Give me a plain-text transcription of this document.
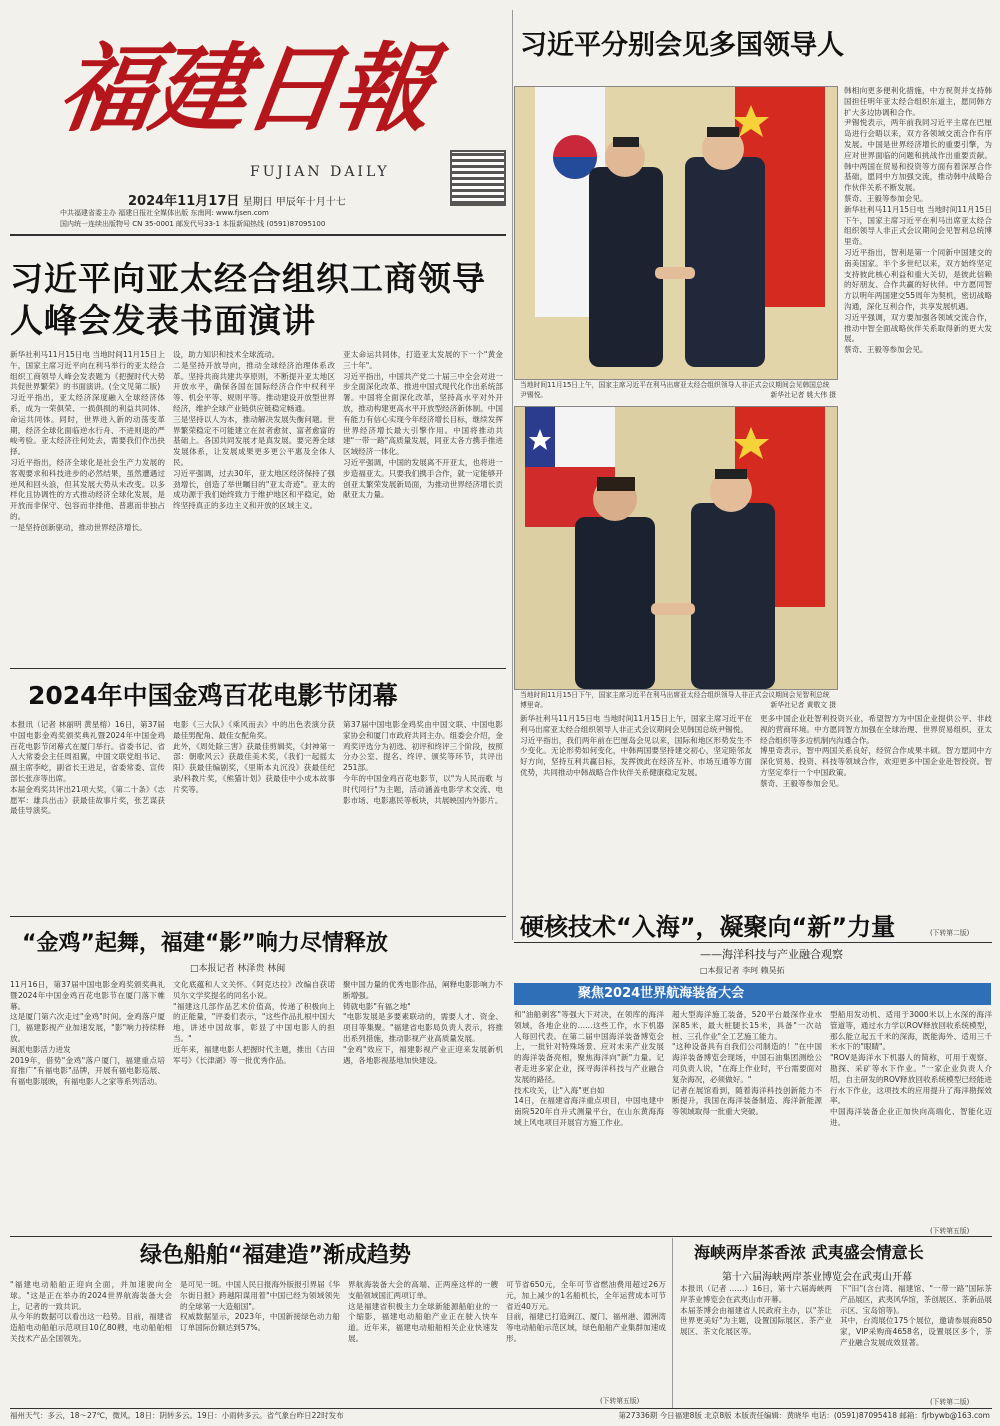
福建日報
FUJIAN DAILY
2024年11月17日 星期日 甲辰年十月十七
中共福建省委主办 福建日报社全媒体出版 东南网: www.fjsen.com
国内统一连续出版物号 CN 35-0001 邮发代号33-1 本报新闻热线 (0591)87095100
习近平向亚太经合组织工商领导人峰会发表书面演讲
新华社利马11月15日电 当地时间11月15日上午，国家主席习近平向在利马举行的亚太经合组织工商领导人峰会发表题为《把握时代大势 共促世界繁荣》的书面演讲。(全文见第二版)
习近平指出，亚太经济深度融入全球经济体系，成为一荣俱荣、一损俱损的利益共同体、命运共同体。同时，世界进入新的动荡变革期，经济全球化面临逆水行舟、不进则退的严峻考验。亚太经济往何处去，需要我们作出抉择。
习近平指出，经济全球化是社会生产力发展的客观要求和科技进步的必然结果，虽然遭遇过逆风和回头浪，但其发展大势从未改变。以多样化且协调性的方式推动经济全球化发展，是开放而非保守、包容而非排他、普惠而非独占的。
一是坚持创新驱动，推动世界经济增长。
设，助力知识和技术全球流动。
二是坚持开放导向，推动全球经济治理体系改革。坚持共商共建共享原则，不断提升亚太地区开放水平，确保各国在国际经济合作中权利平等、机会平等、规则平等。推动建设开放型世界经济，维护全球产业链供应链稳定畅通。
三是坚持以人为本，推动解决发展失衡问题。世界繁荣稳定不可能建立在贫者愈贫、富者愈富的基础上。各国共同发展才是真发展。要完善全球发展体系，让发展成果更多更公平惠及全体人民。
习近平强调，过去30年，亚太地区经济保持了强劲增长，创造了举世瞩目的"亚太奇迹"。亚太的成功源于我们始终致力于维护地区和平稳定，始终坚持真正的多边主义和开放的区域主义。
亚太命运共同体，打造亚太发展的下一个"黄金三十年"。
习近平指出，中国共产党二十届三中全会对进一步全面深化改革、推进中国式现代化作出系统部署。中国将全面深化改革，坚持高水平对外开放，推动构建更高水平开放型经济新体制。中国有能力有信心实现今年经济增长目标，继续发挥世界经济增长最大引擎作用。中国将推动共建"一带一路"高质量发展，同亚太各方携手推进区域经济一体化。
习近平强调，中国的发展离不开亚太，也将进一步造福亚太。只要我们携手合作，就一定能够开创亚太繁荣发展新局面，为推动世界经济增长贡献亚太力量。
习近平分别会见多国领导人
当地时间11月15日上午，国家主席习近平在利马出席亚太经合组织领导人非正式会议期间会见韩国总统尹锡悦。	新华社记者 姚大伟 摄
当地时间11月15日下午，国家主席习近平在利马出席亚太经合组织领导人非正式会议期间会见智利总统博里奇。	新华社记者 黄敬文 摄
韩相向更多便利化措施，中方祝贺并支持韩国担任明年亚太经合组织东道主，愿同韩方扩大多边协调和合作。
尹锡悦表示，两年前我同习近平主席在巴厘岛进行会晤以来，双方各领域交流合作有序发展。中国是世界经济增长的重要引擎，为应对世界面临的问题和挑战作出重要贡献。韩中两国在贸易和投资等方面有着深厚合作基础，愿同中方加强交流，推动韩中战略合作伙伴关系不断发展。
蔡奇、王毅等参加会见。
新华社利马11月15日电 当地时间11月15日下午，国家主席习近平在利马出席亚太经合组织领导人非正式会议期间会见智利总统博里奇。
习近平指出，智利是第一个同新中国建交的南美国家。半个多世纪以来，双方始终坚定支持彼此核心利益和重大关切，是彼此信赖的好朋友、合作共赢的好伙伴。中方愿同智方以明年两国建交55周年为契机，密切战略沟通，深化互利合作，共享发展机遇。
习近平强调，双方要加强各领域交流合作，推动中智全面战略伙伴关系取得新的更大发展。
蔡奇、王毅等参加会见。
新华社利马11月15日电 当地时间11月15日上午，国家主席习近平在利马出席亚太经合组织领导人非正式会议期间会见韩国总统尹锡悦。
习近平指出，我们两年前在巴厘岛会见以来，国际和地区形势发生不少变化。无论形势如何变化，中韩两国要坚持建交初心，坚定睦邻友好方向，坚持互利共赢目标，发挥彼此在经济互补、市场互通等方面优势，共同推动中韩战略合作伙伴关系健康稳定发展。
更多中国企业赴智利投资兴业，希望智方为中国企业提供公平、非歧视的营商环境。中方愿同智方加强在全球治理、世界贸易组织、亚太经合组织等多边机制内沟通合作。
博里奇表示，智中两国关系良好，经贸合作成果丰硕。智方愿同中方深化贸易、投资、科技等领域合作，欢迎更多中国企业赴智投资。智方坚定奉行一个中国政策。
蔡奇、王毅等参加会见。
(下转第二版)
2024年中国金鸡百花电影节闭幕
本报讯（记者 林丽明 黄星榕）16日，第37届中国电影金鸡奖颁奖典礼暨2024年中国金鸡百花电影节闭幕式在厦门举行。省委书记、省人大常委会主任周祖翼，中国文联党组书记、副主席李屹，副省长王进足，省委常委、宣传部长张彦等出席。
本届金鸡奖共评出21项大奖，《第二十条》《志愿军：雄兵出击》获最佳故事片奖，张艺谋获最佳导演奖。
电影《三大队》《乘风而去》中的出色表演分获最佳男配角、最佳女配角奖。
此外，《周处除三害》获最佳剪辑奖，《封神第一部：朝歌风云》获最佳美术奖，《我们一起摇太阳》获最佳编剧奖，《里斯本丸沉没》获最佳纪录/科教片奖，《熊猫计划》获最佳中小成本故事片奖等。
第37届中国电影金鸡奖由中国文联、中国电影家协会和厦门市政府共同主办。组委会介绍，金鸡奖评选分为初选、初评和终评三个阶段，按照分办公室、提名、终评、颁奖等环节，共评出251部。
今年的中国金鸡百花电影节，以"为人民而歌 与时代同行"为主题，活动涵盖电影学术交流、电影市场、电影惠民等板块，共展映国内外影片。
“金鸡”起舞，福建“影”响力尽情释放
□本报记者 林泽贵 林闽
11月16日，第37届中国电影金鸡奖颁奖典礼暨2024年中国金鸡百花电影节在厦门落下帷幕。
这是厦门第六次走过"金鸡"时间。金鸡落户厦门，福建影视产业加速发展，"影"响力持续释放。
闽派电影活力迸发
2019年，借势"金鸡"落户厦门，福建重点培育推广"有福电影"品牌，开展有福电影巡展、有福电影展映，有福电影人之家等系列活动。
文化底蕴和人文关怀。《阿克达拉》改编自获诺贝尔文学奖提名的同名小说。
"福建这几部作品艺术价值高，传递了积极向上的正能量，"评委们表示，"这些作品扎根中国大地，讲述中国故事，彰显了中国电影人的担当。"
近年来，福建电影人把握时代主题，推出《古田军号》《长津湖》等一批优秀作品。
聚中国力量的优秀电影作品，阐释电影影响力不断增强。
铸就电影"有福之地"
"电影发展是多要素联动的，需要人才、资金、项目等集聚。"福建省电影局负责人表示，将推出系列措施，推动影视产业高质量发展。
"金鸡"效应下，福建影视产业正迎来发展新机遇，各地影视基地加快建设。
硬核技术“入海”，凝聚向“新”力量
——海洋科技与产业融合观察
□本报记者 李珂 赖昊拓
聚焦2024世界航海装备大会
和"油船刺客"等强大下对决，在领库的海洋领域，各地企业的……这些工作，水下机器人每回代表。在第二届中国海洋装备博览会上，一批针对特殊场景、应对未来产业发展的海洋装备亮相，聚焦海洋向"新"力量。记者走进多家企业，探寻海洋科技与产业融合发展的路径。
技术攻关，让"入海"更自如
14日，在福建省海洋重点项目，中国电建中南院520年自升式测量平台，在山东黄海海域上风电项目开展官方施工作业。
超大型海洋施工装备，520平台最深作业水深85米，最大桩腿长15米，具备"一次站桩、三孔作业"全工艺施工能力。
"这种设备具有自我们公司制造的！"在中国海洋装备博览会现场，中国石油集团测绘公司负责人说，"在海上作业时，平台需要面对复杂海况，必须做好。"
记者在展馆看到，随着海洋科技创新能力不断提升，我国在海洋装备制造、海洋新能源等领域取得一批重大突破。
型船用发动机、适用于3000米以上水深的海洋管道等，通过水力学以ROV释放回收系统模型，那么能立起五千米的深海，既能海外、适用三千米水下的"眼睛"。
"ROV是海洋水下机器人的简称，可用于观察、勘探、采矿等水下作业。"一家企业负责人介绍，自主研发的ROV释放回收系统模型已经能进行水下作业，这项技术的应用提升了海洋勘探效率。
中国海洋装备企业正加快向高端化、智能化迈进。
(下转第五版)
绿色船舶“福建造”渐成趋势
"福建电动船舶正迎向全面，并加速驶向全球。"这是正在举办的2024世界航海装备大会上，记者的一致共识。
从今年的数据可以看出这一趋势。目前，福建省造船电动船舶示范项目10亿80艘，电动船舶相关技术产品全国领先。
是可见一斑。中国人民日报海外版报引界届《华尔街日报》跨越阳谋用着"中国已经为领域领先的全球第一大造船国"。
权威数据显示，2023年，中国新接绿色动力船订单国际份额达到57%。
界航海装备大会的高端、正两座这样的一艘支船领域国汇两项订单。
这是福建省积极主力全球新能源船舶业的一个缩影，福建电动船舶产业正在驶入快车道。近年来，福建电动船舶相关企业快速发展。
可节省650元，全年可节省燃油费用超过26万元，加上减少的1名船机长，全年运营成本可节省近40万元。
目前，福建已打造闽江、厦门、福州港、湄洲湾等电动船舶示范区域，绿色船舶产业集群加速成形。
(下转第五版)
海峡两岸茶香浓 武夷盛会情意长
第十六届海峡两岸茶业博览会在武夷山开幕
本报讯（记者 ……）16日，第十六届海峡两岸茶业博览会在武夷山市开幕。
本届茶博会由福建省人民政府主办，以"茶让世界更美好"为主题，设置国际展区、茶产业展区、茶文化展区等。
下"旧"(含台湾、福建馆、"一带一路"国际茶产品展区，武夷风华馆，茶创展区、茶新品展示区、宝岛馆等)。
其中，台湾展位175个展位，邀请参展商850家，VIP采购商4658名，设置展区多个，茶产业融合发展成效显著。
(下转第二版)
福州天气：多云，18～27℃，微风。18日：阴转多云。19日：小雨转多云。省气象台昨日22时发布	第27336期 今日福建8版 北京8版 本版责任编辑：黄晓华 电话：(0591)87095418 邮箱：fjrbywb@163.com
